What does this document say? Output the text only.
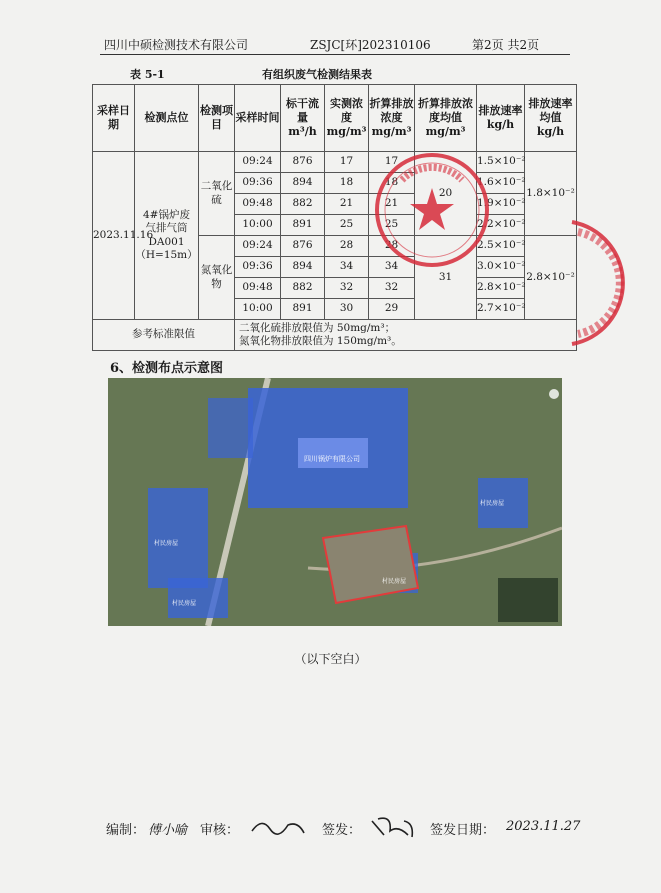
四川中硕检测技术有限公司	ZSJC[环]202310106	第2页 共2页
表 5-1	有组织废气检测结果表
采样日期	检测点位	检测项目	采样时间	标干流量 m³/h	实测浓度 mg/m³	折算排放浓度 mg/m³	折算排放浓度均值 mg/m³	排放速率 kg/h	排放速率均值 kg/h
2023.11.16	4#锅炉废
气排气筒
DA001
（H=15m）	二氧化硫	09:24	876	17	17	20	1.5×10⁻²	1.8×10⁻²
			09:36	894	18	18		1.6×10⁻²	
			09:48	882	21	21		1.9×10⁻²	
			10:00	891	25	25		2.2×10⁻²	
		氮氧化物	09:24	876	28	28	31	2.5×10⁻²	2.8×10⁻²
			09:36	894	34	34		3.0×10⁻²	
			09:48	882	32	32		2.8×10⁻²	
			10:00	891	30	29		2.7×10⁻²	
参考标准限值			二氧化硫排放限值为 50mg/m³；
氮氧化物排放限值为 150mg/m³。						
6、检测布点示意图
四川锅炉有限公司
村民房屋
村民房屋
村民房屋
村民房屋
（以下空白）
编制： 傅小喻 审核：	签发：	签发日期： 2023.11.27
